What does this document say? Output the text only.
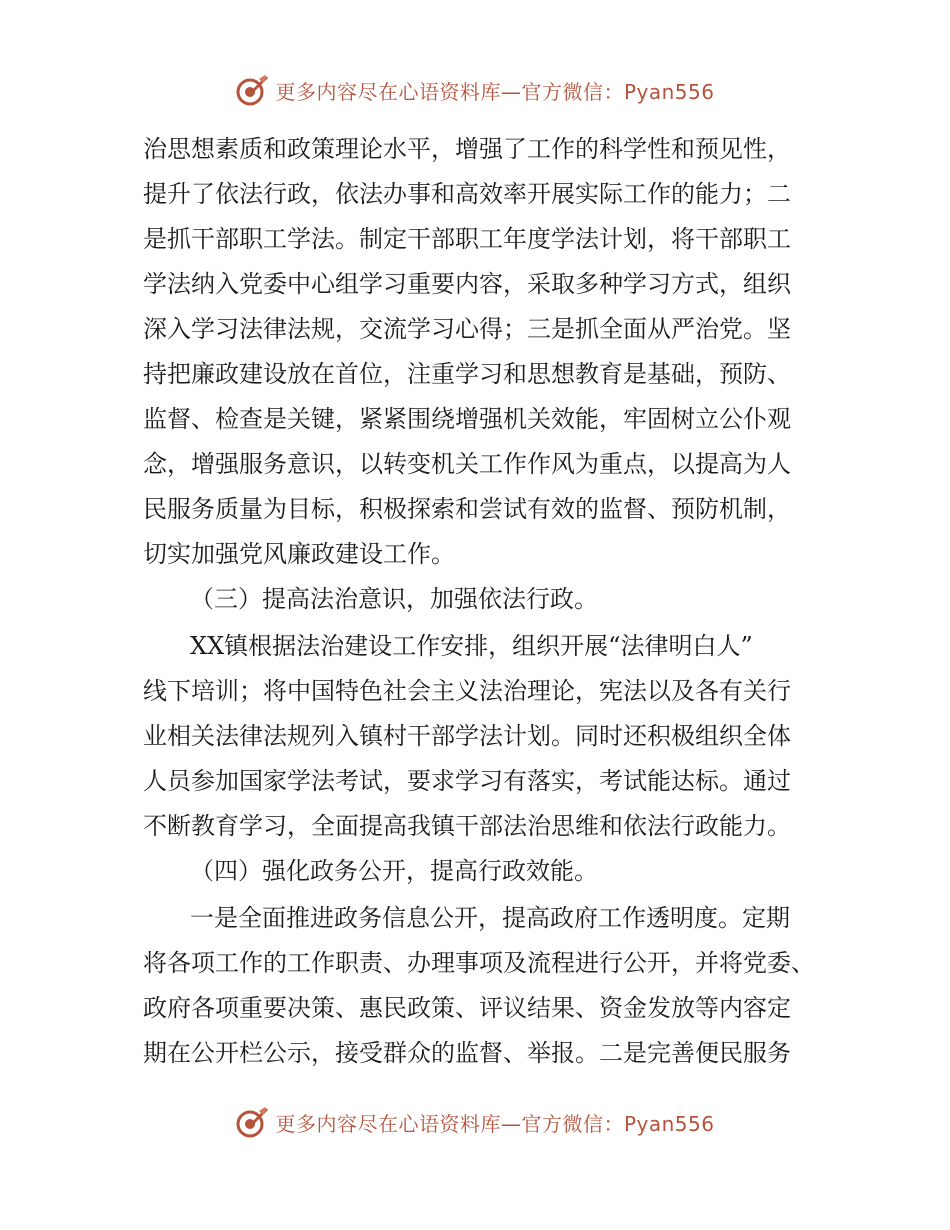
更多内容尽在心语资料库—官方微信：Pyan556
治思想素质和政策理论水平，增强了工作的科学性和预见性，
提升了依法行政，依法办事和高效率开展实际工作的能力；二
是抓干部职工学法。制定干部职工年度学法计划，将干部职工
学法纳入党委中心组学习重要内容，采取多种学习方式，组织
深入学习法律法规，交流学习心得；三是抓全面从严治党。坚
持把廉政建设放在首位，注重学习和思想教育是基础，预防、
监督、检查是关键，紧紧围绕增强机关效能，牢固树立公仆观
念，增强服务意识，以转变机关工作作风为重点，以提高为人
民服务质量为目标，积极探索和尝试有效的监督、预防机制，
切实加强党风廉政建设工作。
（三）提高法治意识，加强依法行政。
XX镇根据法治建设工作安排，组织开展“法律明白人”
线下培训；将中国特色社会主义法治理论，宪法以及各有关行
业相关法律法规列入镇村干部学法计划。同时还积极组织全体
人员参加国家学法考试，要求学习有落实，考试能达标。通过
不断教育学习，全面提高我镇干部法治思维和依法行政能力。
（四）强化政务公开，提高行政效能。
一是全面推进政务信息公开，提高政府工作透明度。定期
将各项工作的工作职责、办理事项及流程进行公开，并将党委、
政府各项重要决策、惠民政策、评议结果、资金发放等内容定
期在公开栏公示，接受群众的监督、举报。二是完善便民服务
更多内容尽在心语资料库—官方微信：Pyan556
